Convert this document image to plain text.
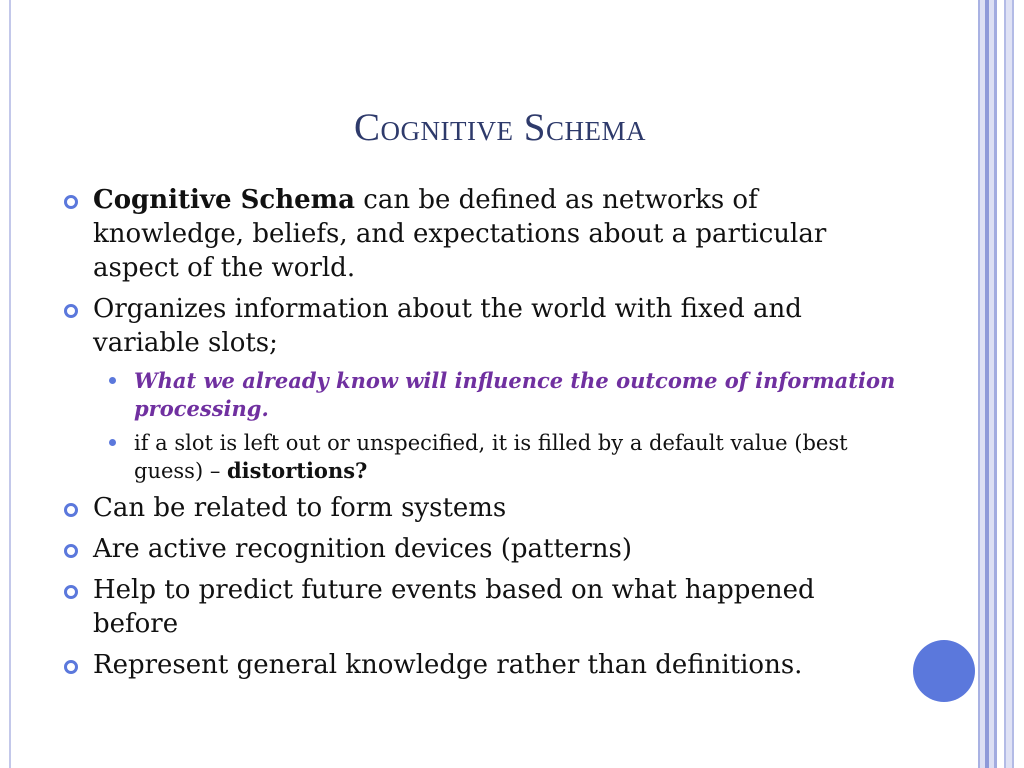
Cognitive Schema
Cognitive Schema can be defined as networks of knowledge, beliefs, and expectations about a particular aspect of the world.
Organizes information about the world with fixed and variable slots;
What we already know will influence the outcome of information processing.
if a slot is left out or unspecified, it is filled by a default value (best guess) – distortions?
Can be related to form systems
Are active recognition devices (patterns)
Help to predict future events based on what happened before
Represent general knowledge rather than definitions.
